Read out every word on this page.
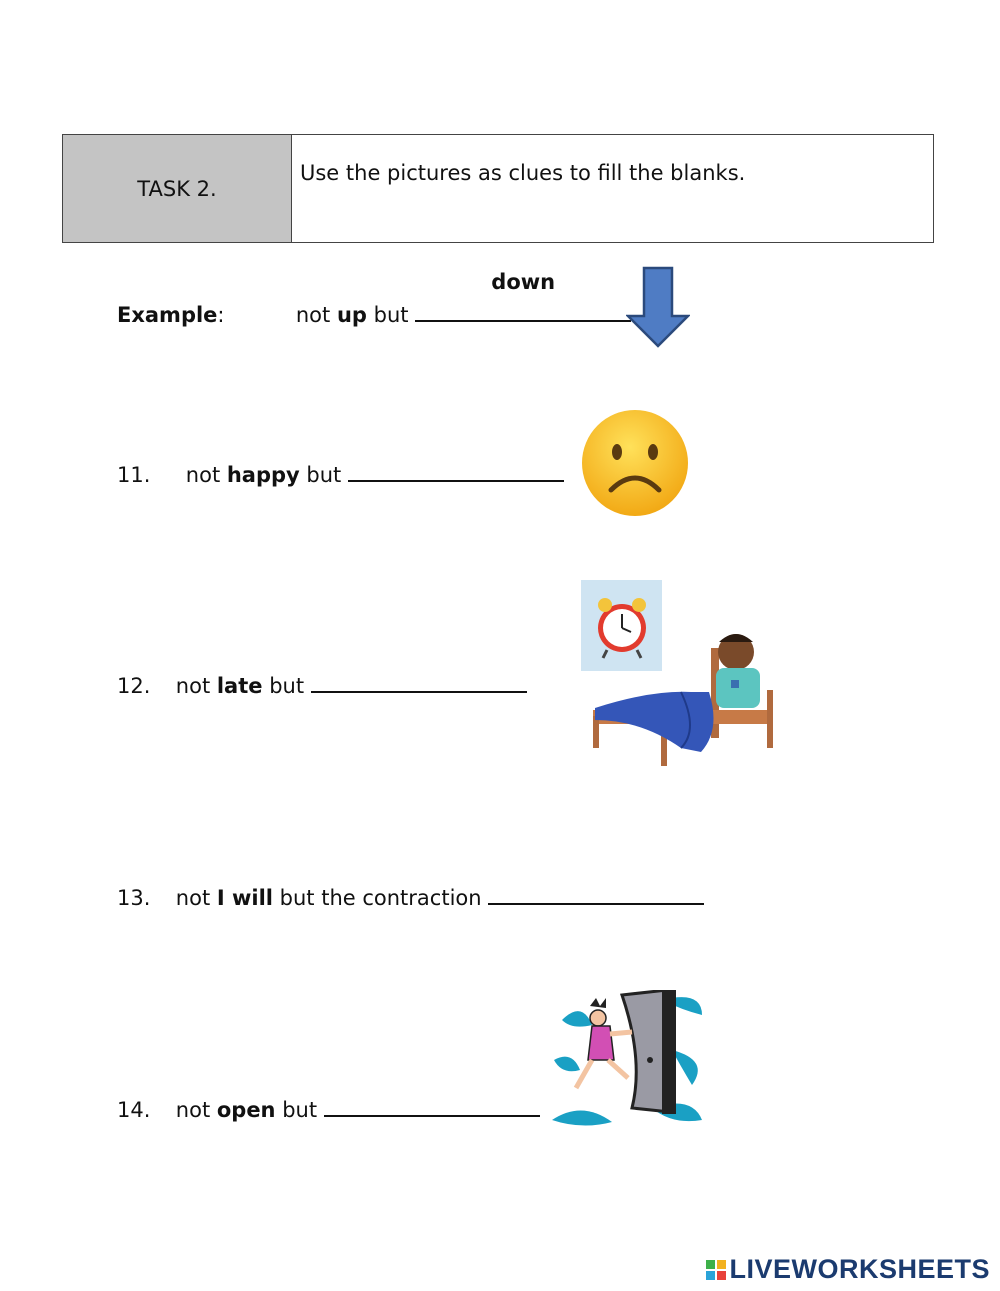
TASK 2.
Use the pictures as clues to fill the blanks.
Example:	not up but
down
11. not happy but
12. not late but
13. not I will but the contraction
14. not open but
LIVEWORKSHEETS
